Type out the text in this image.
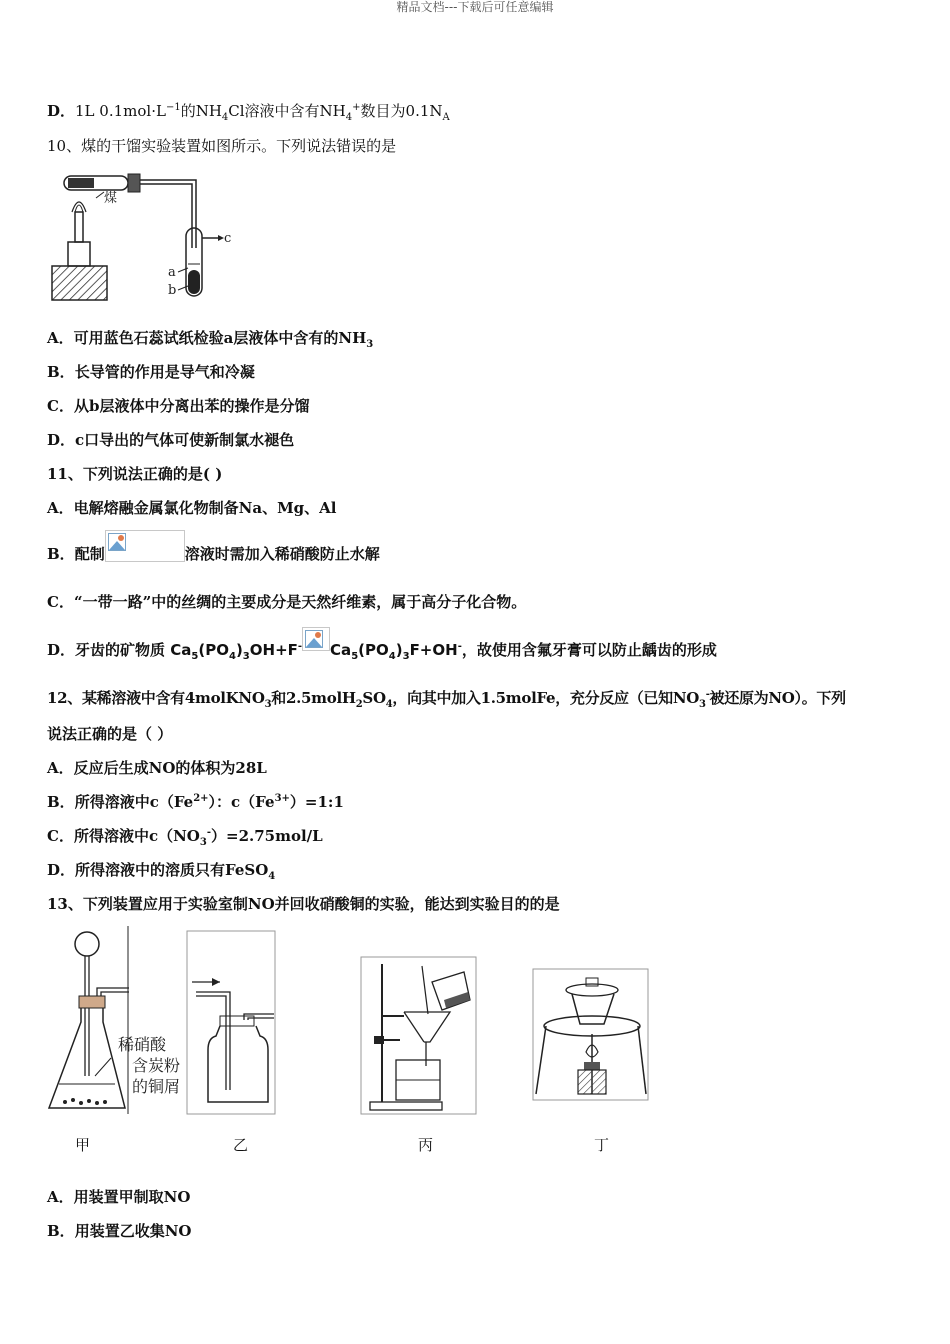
精品文档---下载后可任意编辑
D．1L $0.1mol\cdot L^{-1}$的$NH_4Cl$溶液中含有$NH_4^+$数目为$0.1N_A$
10、煤的干馏实验装置如图所示。下列说法错误的是
煤
c
a
b
A．可用蓝色石蕊试纸检验a层液体中含有的$NH_3$
B．长导管的作用是导气和冷凝
C．从b层液体中分离出苯的操作是分馏
D．c口导出的气体可使新制氯水褪色
11、下列说法正确的是( )
A．电解熔融金属氯化物制备Na、Mg、Al
B．配制	溶液时需加入稀硝酸防止水解
C．“一带一路”中的丝绸的主要成分是天然纤维素，属于高分子化合物。
D．牙齿的矿物质 $Ca_5(PO_4)_3OH+F^-$ $Ca_5(PO_4)_3F+OH^-$，故使用含氟牙膏可以防止龋齿的形成
12、某稀溶液中含有4molKNO$_3$和$2.5molH_2SO_4$，向其中加入1.5molFe，充分反应（已知$NO_3^-$被还原为NO）。下列
说法正确的是（ ）
A．反应后生成NO的体积为28L
B．所得溶液中$c(Fe^{2+})$：$c(Fe^{3+})=1:1$
C．所得溶液中$c(NO_3^-)=2.75mol/L$
D．所得溶液中的溶质只有FeSO$_4$
13、下列装置应用于实验室制NO并回收硝酸铜的实验，能达到实验目的的是
稀硝酸
含炭粉
的铜屑
甲	乙	丙	丁
A．用装置甲制取NO
B．用装置乙收集NO
